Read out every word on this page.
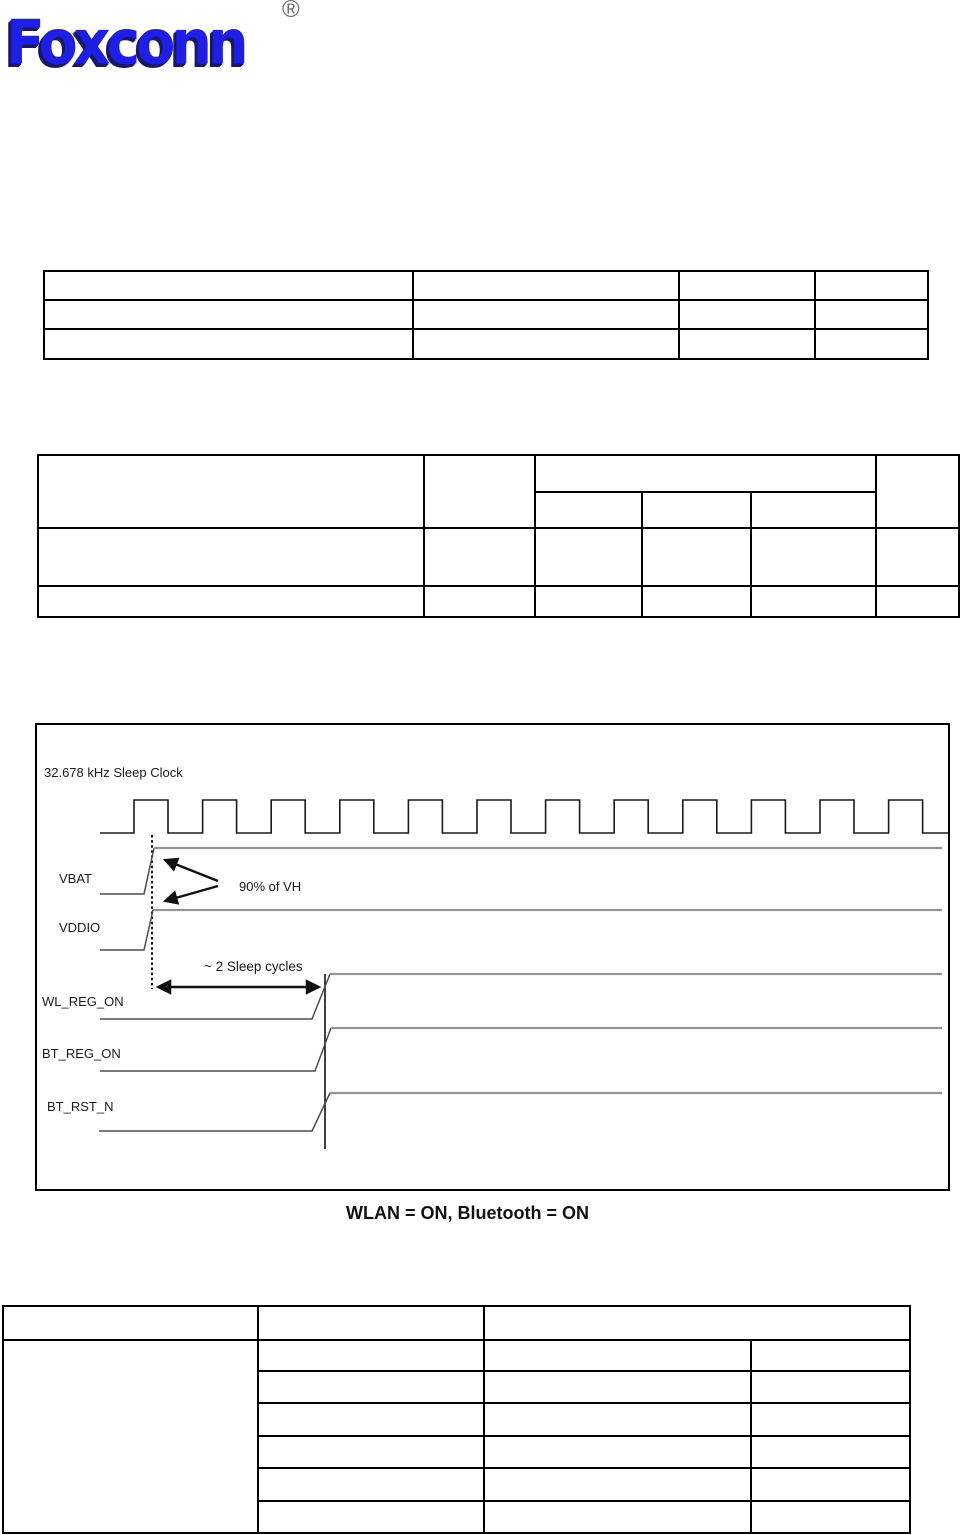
Foxconn ®

32.678 kHz Sleep Clock
VBAT
VDDIO
90% of VH
~ 2 Sleep cycles
WL_REG_ON
BT_REG_ON
BT_RST_N
WLAN = ON, Bluetooth = ON
